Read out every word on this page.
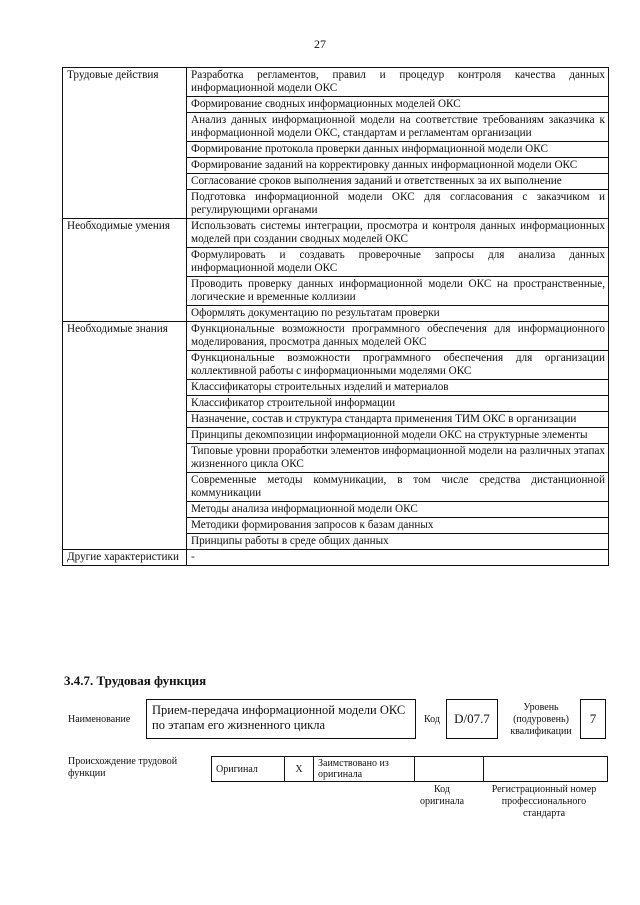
27
Трудовые действия	Разработка регламентов, правил и процедур контроля качества данных информационной модели ОКС
	Формирование сводных информационных моделей ОКС
	Анализ данных информационной модели на соответствие требованиям заказчика к информационной модели ОКС, стандартам и регламентам организации
	Формирование протокола проверки данных информационной модели ОКС
	Формирование заданий на корректировку данных информационной модели ОКС
	Согласование сроков выполнения заданий и ответственных за их выполнение
	Подготовка информационной модели ОКС для согласования с заказчиком и регулирующими органами
Необходимые умения	Использовать системы интеграции, просмотра и контроля данных информационных моделей при создании сводных моделей ОКС
	Формулировать и создавать проверочные запросы для анализа данных информационной модели ОКС
	Проводить проверку данных информационной модели ОКС на пространственные, логические и временные коллизии
	Оформлять документацию по результатам проверки
Необходимые знания	Функциональные возможности программного обеспечения для информационного моделирования, просмотра данных моделей ОКС
	Функциональные возможности программного обеспечения для организации коллективной работы с информационными моделями ОКС
	Классификаторы строительных изделий и материалов
	Классификатор строительной информации
	Назначение, состав и структура стандарта применения ТИМ ОКС в организации
	Принципы декомпозиции информационной модели ОКС на структурные элементы
	Типовые уровни проработки элементов информационной модели на различных этапах жизненного цикла ОКС
	Современные методы коммуникации, в том числе средства дистанционной коммуникации
	Методы анализа информационной модели ОКС
	Методики формирования запросов к базам данных
	Принципы работы в среде общих данных
Другие характеристики	-
3.4.7. Трудовая функция
Наименование
Прием-передача информационной модели ОКС по этапам его жизненного цикла	Код	D/07.7
Уровень (подуровень) квалификации
7
Происхождение трудовой функции	Оригинал	X	Заимствовано из оригинала		
Код оригинала
Регистрационный номер профессионального стандарта
